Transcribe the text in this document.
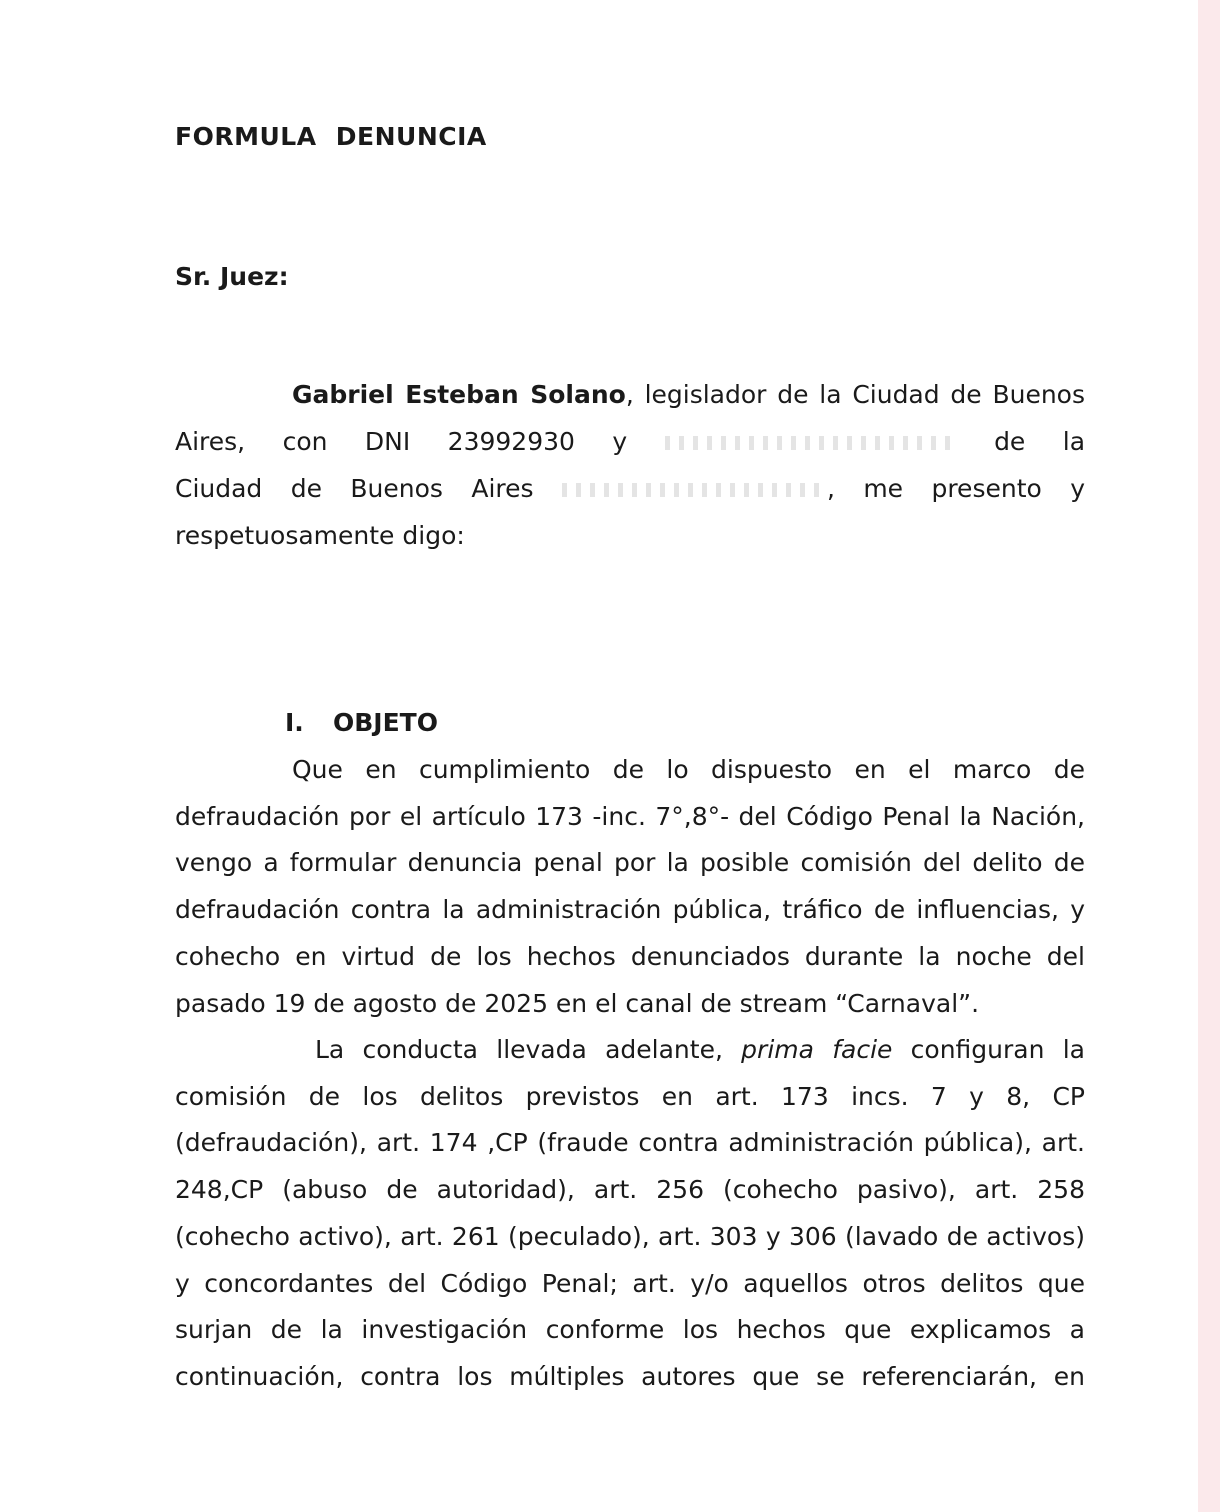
FORMULA DENUNCIA

Sr. Juez:

Gabriel Esteban Solano, legislador de la Ciudad de Buenos

Aires, con DNI 23992930 y	de la

Ciudad de Buenos Aires	, me presento y

respetuosamente digo:

I. OBJETO

Que en cumplimiento de lo dispuesto en el marco de

defraudación por el artículo 173 -inc. 7°,8°- del Código Penal la Nación,

vengo a formular denuncia penal por la posible comisión del delito de

defraudación contra la administración pública, tráfico de influencias, y

cohecho en virtud de los hechos denunciados durante la noche del

pasado 19 de agosto de 2025 en el canal de stream “Carnaval”.

La conducta llevada adelante, prima facie configuran la

comisión de los delitos previstos en art. 173 incs. 7 y 8, CP

(defraudación), art. 174 ,CP (fraude contra administración pública), art.

248,CP (abuso de autoridad), art. 256 (cohecho pasivo), art. 258

(cohecho activo), art. 261 (peculado), art. 303 y 306 (lavado de activos)

y concordantes del Código Penal; art. y/o aquellos otros delitos que

surjan de la investigación conforme los hechos que explicamos a

continuación, contra los múltiples autores que se referenciarán, en
